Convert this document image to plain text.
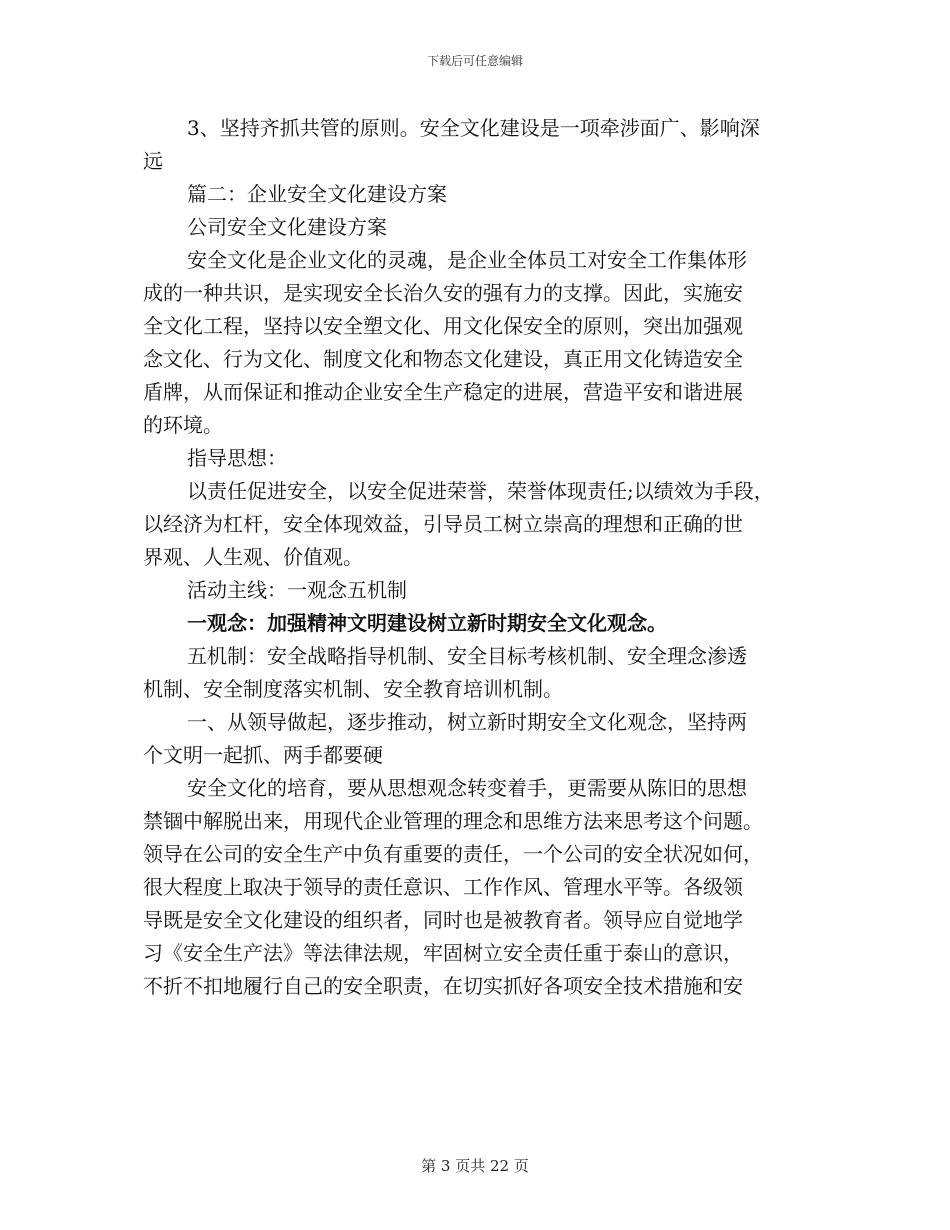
下载后可任意编辑
3、坚持齐抓共管的原则。安全文化建设是一项牵涉面广、影响深
远
篇二：企业安全文化建设方案
公司安全文化建设方案
安全文化是企业文化的灵魂，是企业全体员工对安全工作集体形
成的一种共识，是实现安全长治久安的强有力的支撑。因此，实施安
全文化工程，坚持以安全塑文化、用文化保安全的原则，突出加强观
念文化、行为文化、制度文化和物态文化建设，真正用文化铸造安全
盾牌，从而保证和推动企业安全生产稳定的进展，营造平安和谐进展
的环境。
指导思想：
以责任促进安全，以安全促进荣誉，荣誉体现责任;以绩效为手段，
以经济为杠杆，安全体现效益，引导员工树立崇高的理想和正确的世
界观、人生观、价值观。
活动主线：一观念五机制
一观念：加强精神文明建设树立新时期安全文化观念。
五机制：安全战略指导机制、安全目标考核机制、安全理念渗透
机制、安全制度落实机制、安全教育培训机制。
一、从领导做起，逐步推动，树立新时期安全文化观念，坚持两
个文明一起抓、两手都要硬
安全文化的培育，要从思想观念转变着手，更需要从陈旧的思想
禁锢中解脱出来，用现代企业管理的理念和思维方法来思考这个问题。
领导在公司的安全生产中负有重要的责任，一个公司的安全状况如何，
很大程度上取决于领导的责任意识、工作作风、管理水平等。各级领
导既是安全文化建设的组织者，同时也是被教育者。领导应自觉地学
习《安全生产法》等法律法规，牢固树立安全责任重于泰山的意识，
不折不扣地履行自己的安全职责，在切实抓好各项安全技术措施和安
第 3 页共 22 页
